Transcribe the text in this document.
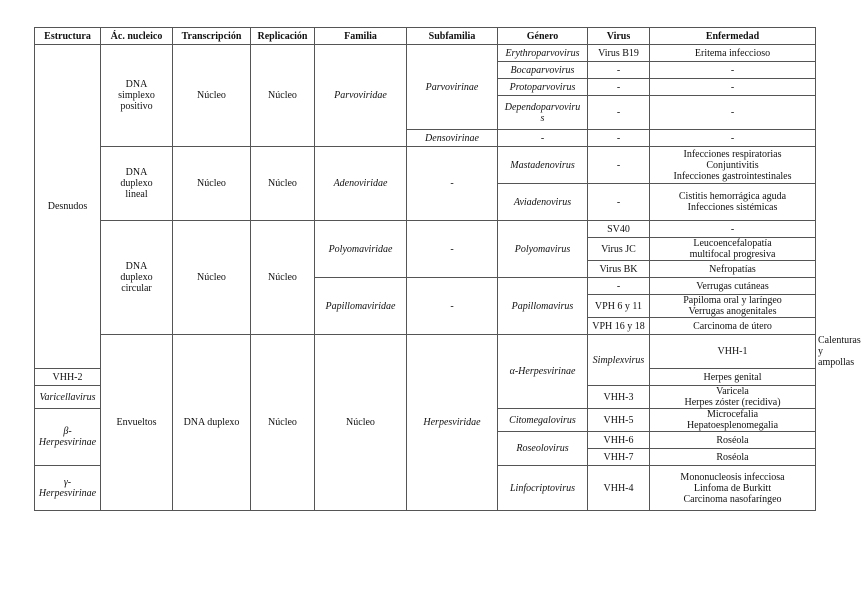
Estructura	Ác. nucleico	Transcripción	Replicación	Familia	Subfamilia	Género	Virus	Enfermedad	
Desnudos	DNA simplexo positivo	Núcleo	Núcleo	Parvoviridae	Parvovirinae	Erythroparvovirus	Virus B19	Eritema infeccioso	
						Bocaparvovirus	-	-	
						Protoparvovirus	-	-	

						Dependoparvoviru s	-	-	

					Densovirinae	-	-	-	

	DNA duplexo lineal	Núcleo	Núcleo	Adenoviridae	-	Mastadenovirus	-	Infecciones respiratorias
Conjuntivitis
Infecciones gastrointestinales	

						Aviadenovirus	-	Cistitis hemorrágica aguda
Infecciones sistémicas	

	DNA duplexo circular	Núcleo	Núcleo	Polyomaviridae	-	Polyomavirus	SV40	-	
							Virus JC	Leucoencefalopatía
multifocal progresiva	

							Virus BK	Nefropatías	
				Papillomaviridae	-	Papillomavirus	-	Verrugas cutáneas	
							VPH 6 y 11	Papiloma oral y laríngeo
Verrugas anogenitales	

							VPH 16 y 18	Carcinoma de útero	
	Envueltos	DNA duplexo	Núcleo	Núcleo	Herpesviridae	α-Herpesvirinae	Simplexvirus	VHH-1	Calenturas y ampollas
VHH-2								Herpes genital	
Varicellavirus							VHH-3	Varicela
Herpes zóster (recidiva)	

β-Herpesvirinae						Citomegalovirus	VHH-5	Microcefalia
Hepatoesplenomegalia	

						Roseolovirus	VHH-6	Roséola	
							VHH-7	Roséola	
γ-Herpesvirinae						Linfocriptovirus	VHH-4	Mononucleosis infecciosa
Linfoma de Burkitt
Carcinoma nasofaríngeo	
